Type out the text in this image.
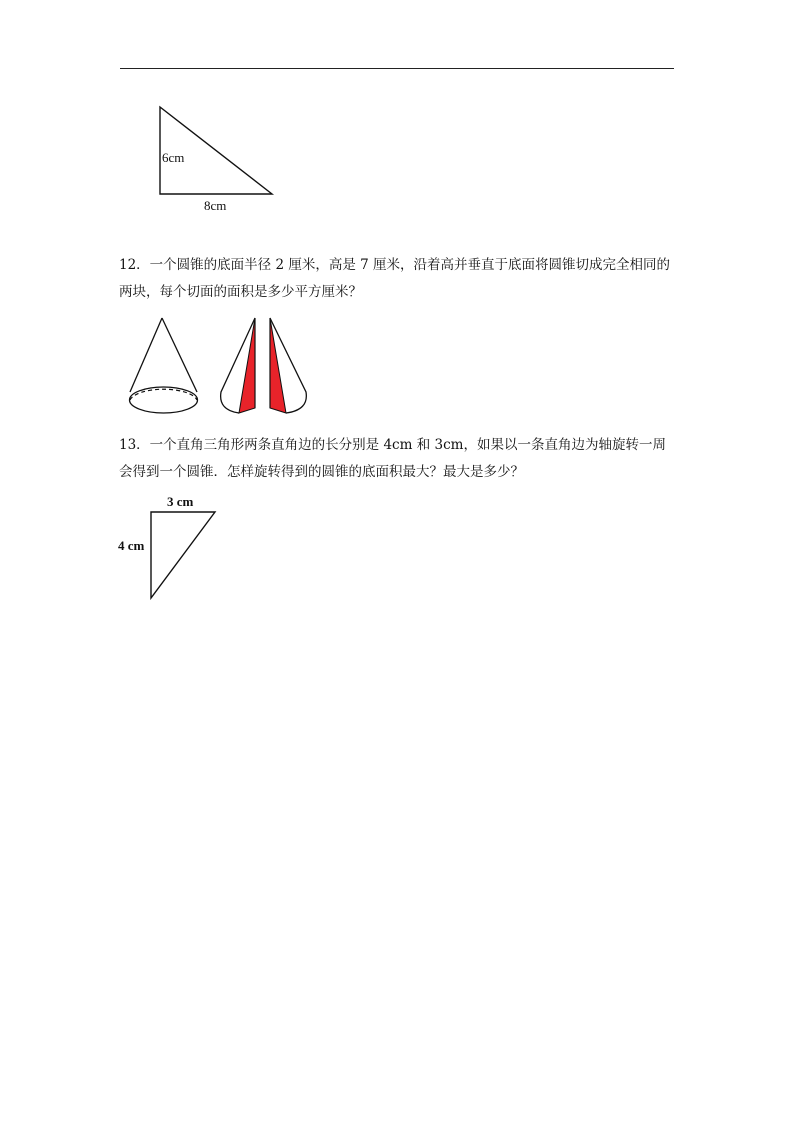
6cm
8cm

12．一个圆锥的底面半径 2 厘米，高是 7 厘米，沿着高并垂直于底面将圆锥切成完全相同的

两块，每个切面的面积是多少平方厘米？

13．一个直角三角形两条直角边的长分别是 4cm 和 3cm，如果以一条直角边为轴旋转一周

会得到一个圆锥．怎样旋转得到的圆锥的底面积最大？最大是多少？

3 cm
4 cm
